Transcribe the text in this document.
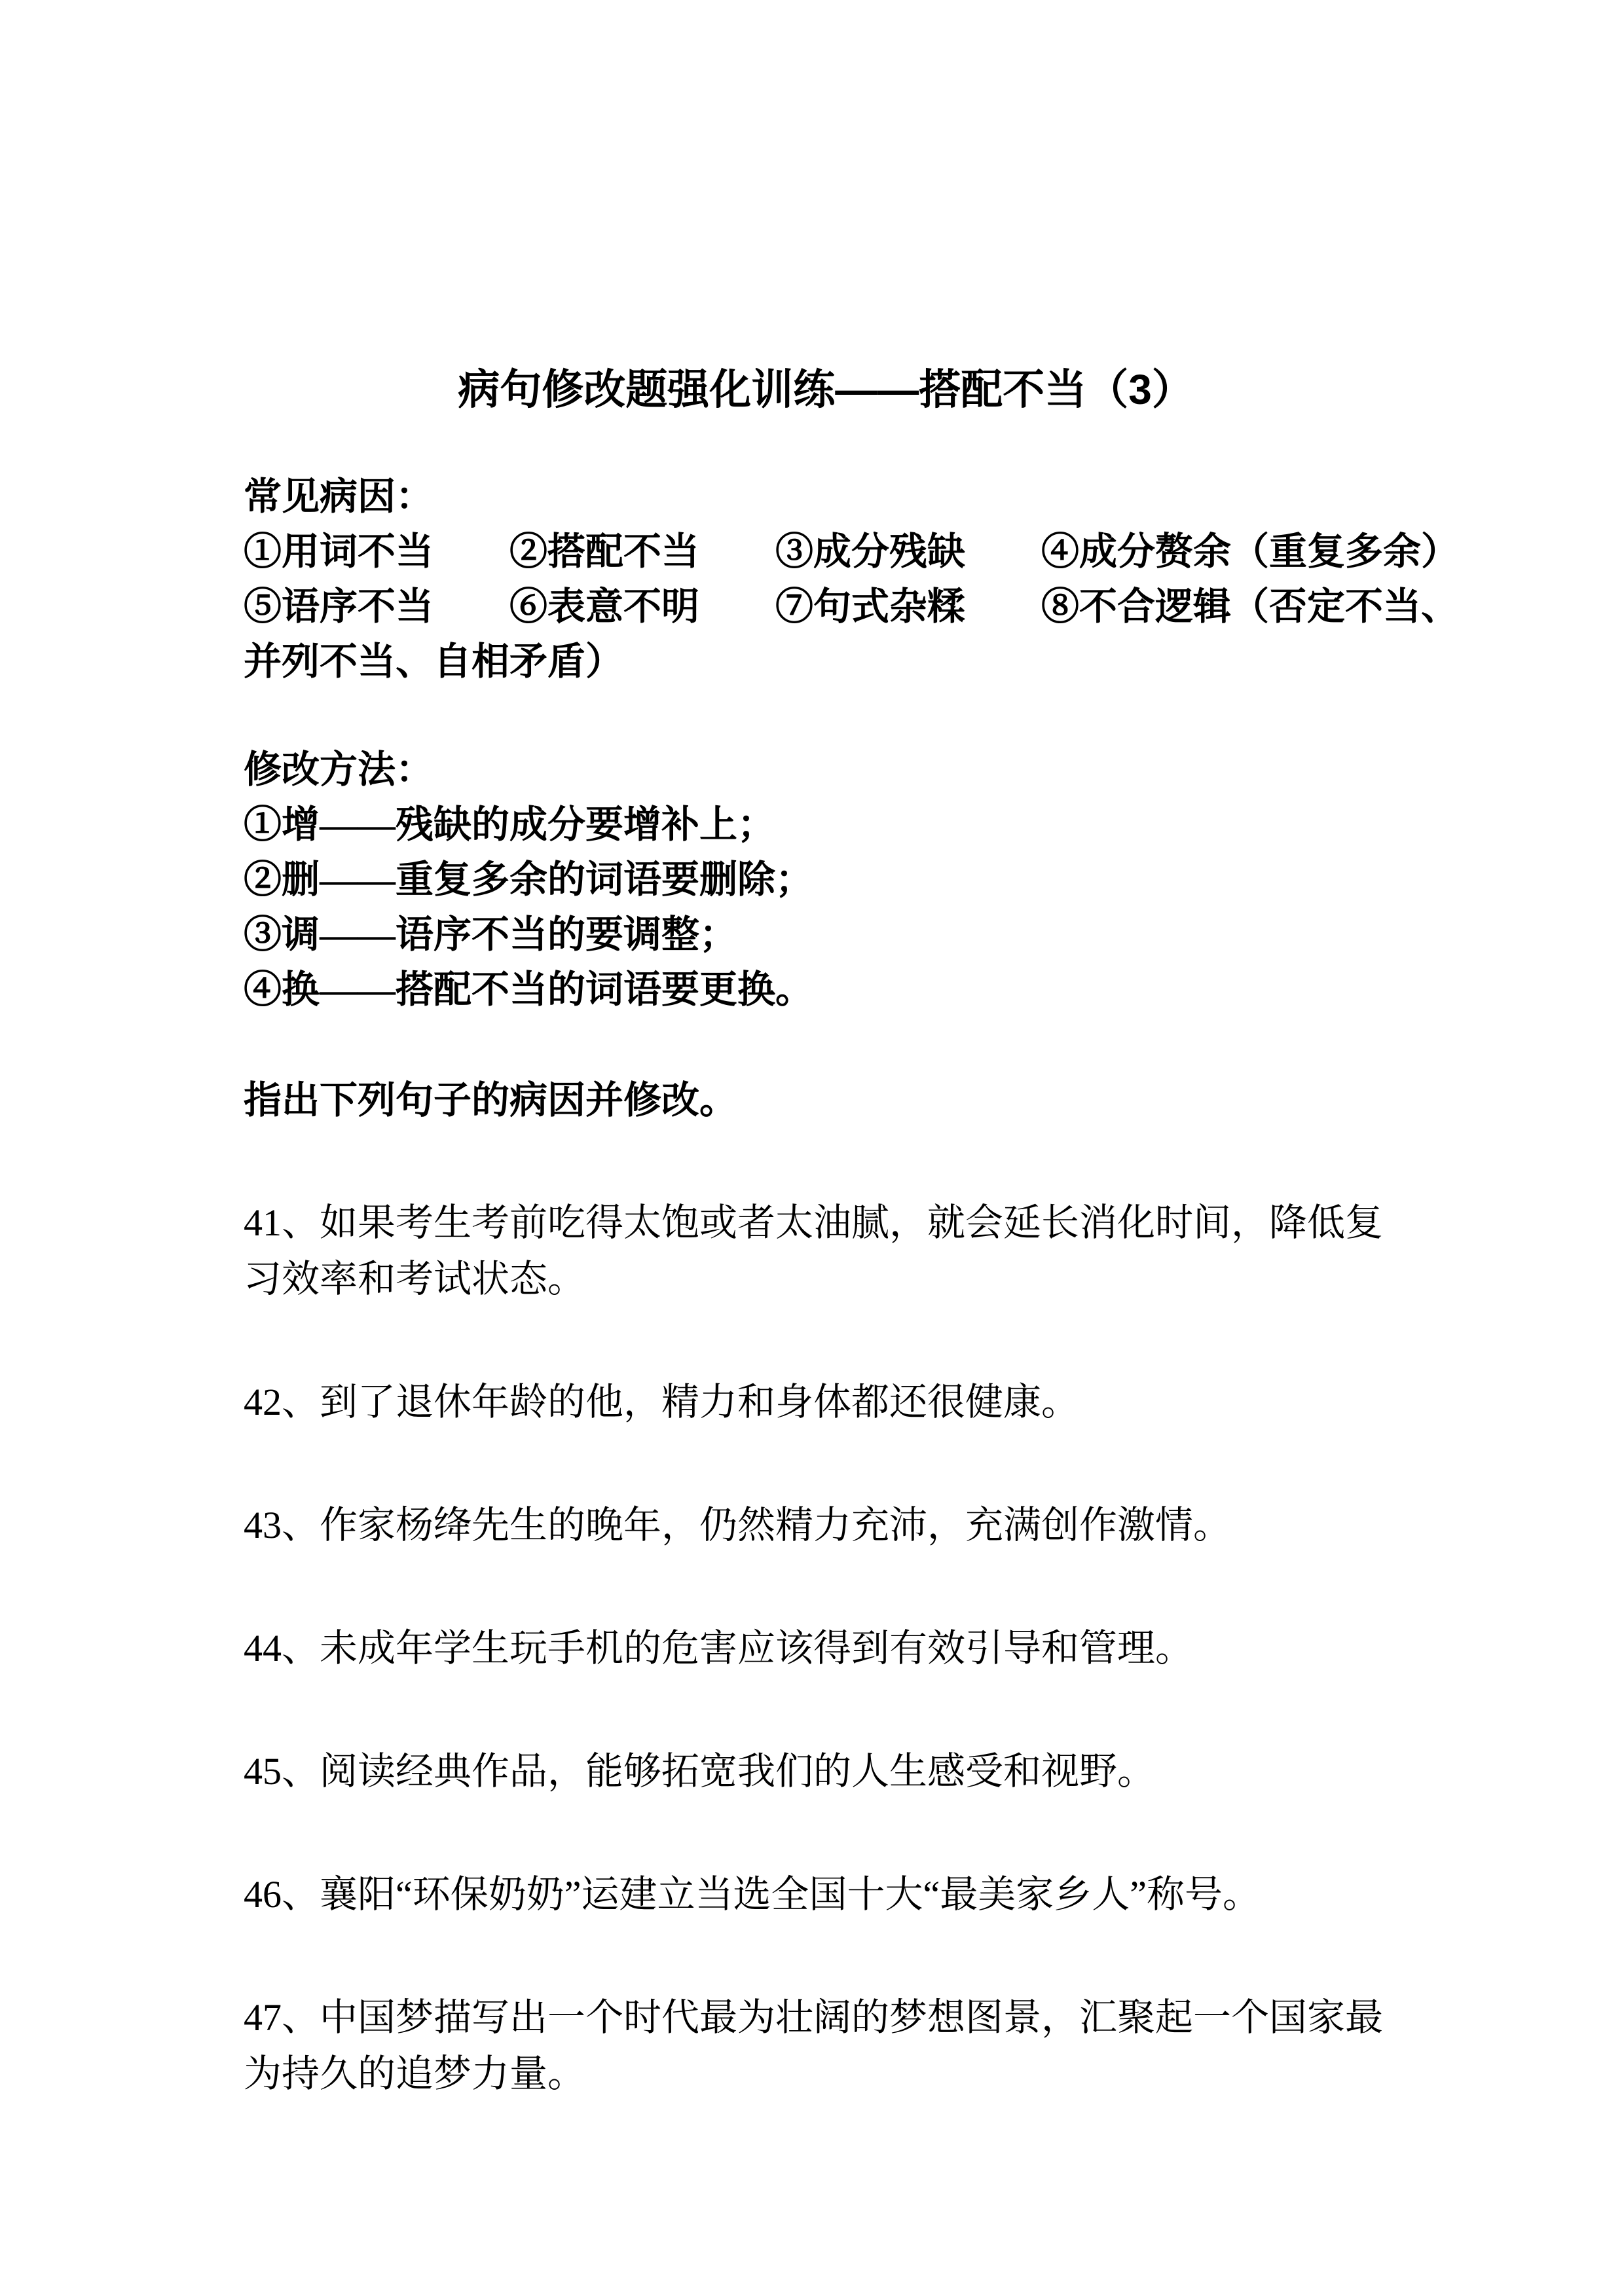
病句修改题强化训练——搭配不当（3）
常见病因：
①用词不当　　②搭配不当　　③成分残缺　　④成分赘余（重复多余）
⑤语序不当　　⑥表意不明　　⑦句式杂糅　　⑧不合逻辑（否定不当、
并列不当、自相矛盾）
修改方法：
①增——残缺的成分要增补上；
②删——重复多余的词语要删除；
③调——语序不当的要调整；
④换——搭配不当的词语要更换。
指出下列句子的病因并修改。

41、如果考生考前吃得太饱或者太油腻，就会延长消化时间，降低复习效率和考试状态。

42、到了退休年龄的他，精力和身体都还很健康。

43、作家杨绛先生的晚年，仍然精力充沛，充满创作激情。

44、未成年学生玩手机的危害应该得到有效引导和管理。

45、阅读经典作品，能够拓宽我们的人生感受和视野。

46、襄阳“环保奶奶”运建立当选全国十大“最美家乡人”称号。

47、中国梦描写出一个时代最为壮阔的梦想图景，汇聚起一个国家最为持久的追梦力量。
